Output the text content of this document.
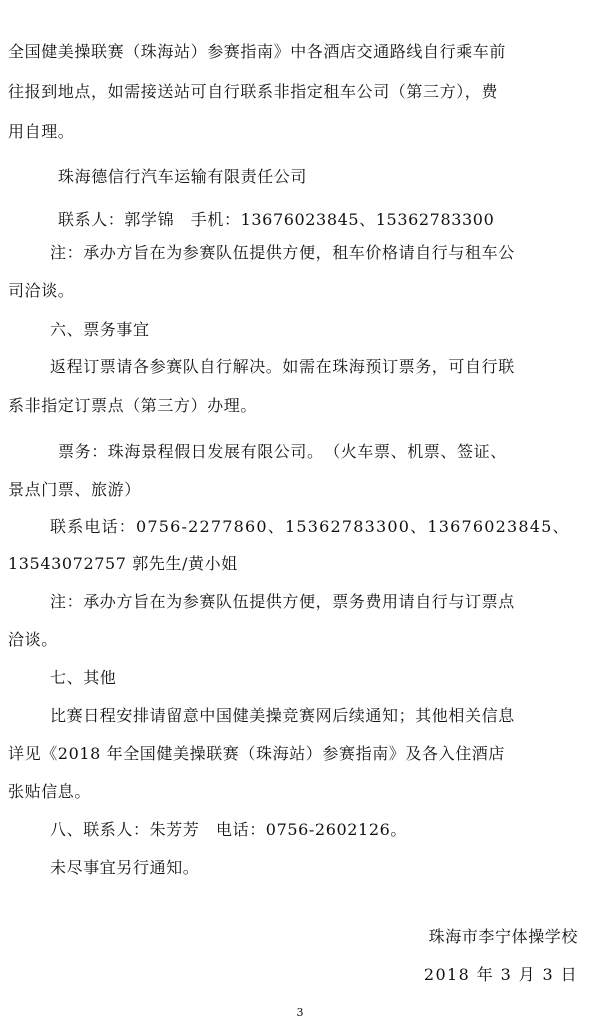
全国健美操联赛（珠海站）参赛指南》中各酒店交通路线自行乘车前
往报到地点，如需接送站可自行联系非指定租车公司（第三方），费
用自理。
珠海德信行汽车运输有限责任公司
联系人：郭学锦　手机：13676023845、15362783300
注：承办方旨在为参赛队伍提供方便，租车价格请自行与租车公
司洽谈。
六、票务事宜
返程订票请各参赛队自行解决。如需在珠海预订票务，可自行联
系非指定订票点（第三方）办理。
票务：珠海景程假日发展有限公司。　（火车票、机票、签证、
景点门票、旅游）
联系电话：0756-2277860、15362783300、13676023845、
13543072757 郭先生/黄小姐
注：承办方旨在为参赛队伍提供方便，票务费用请自行与订票点
洽谈。
七、其他
比赛日程安排请留意中国健美操竞赛网后续通知；其他相关信息
详见《2018 年全国健美操联赛（珠海站）参赛指南》及各入住酒店
张贴信息。
八、联系人：朱芳芳　电话：0756-2602126。
未尽事宜另行通知。
珠海市李宁体操学校
2018 年 3 月 3 日
3
